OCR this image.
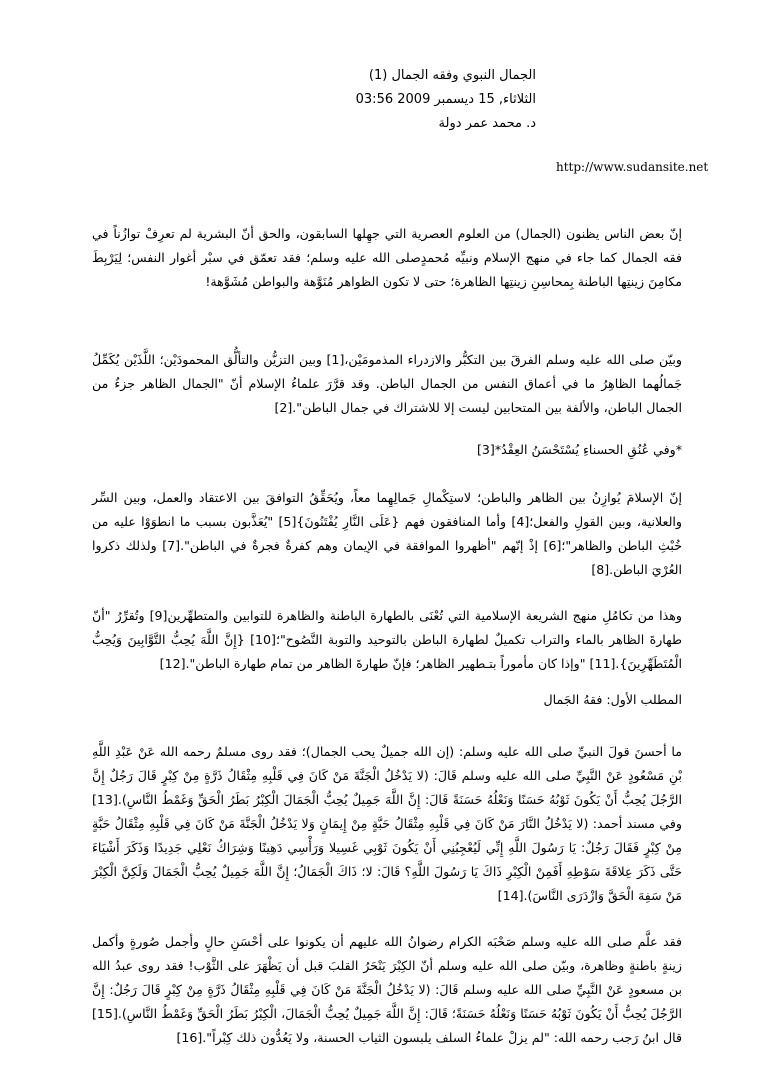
الجمال النبوي وفقه الجمال (1)
الثلاثاء, 15 ديسمبر 2009 03:56
د. محمد عمر دولة
http://www.sudansite.net
إنّ بعض الناس يظنون (الجمال) من العلوم العصرية التي جهِلها السابقون، والحق أنّ البشرية لم تعرِفْ توازُناً في فقه الجمال كما جاء في منهج الإسلام ونبيِّه مُحمدٍصلى الله عليه وسلم؛ فقد تعمّق في سبْر أغوار النفس؛ لِيَرْبِطَ مكامِنَ زينتِها الباطنة بِمحاسِنِ زينتِها الظاهرة؛ حتى لا تكون الظواهر مُنَوَّهة والبواطن مُشَوَّهة!
وبيّن صلى الله عليه وسلم الفرقَ بين التكبُّر والازدراء المذمومَيْن،[1] وبين التزيُّن والتألُّق المحمودَيْن؛ اللَّذَيْن يُكَمِّلُ جَمالُهما الظاهِرُ ما في أعماق النفس من الجمال الباطن. وقد قرَّرَ علماءُ الإسلام أنّ "الجمال الظاهر جزءٌ من الجمال الباطن، والألفة بين المتحابين ليست إلا للاشتراك في جمال الباطن".[2]
*وفي عُنُقِ الحسناءِ يُسْتَحْسَنُ العِقْدُ*[3]
إنّ الإسلامَ يُوازِنُ بين الظاهر والباطن؛ لاستِكْمالِ جَمالِهِما معاً، ويُحَقِّقُ التوافقَ بين الاعتقاد والعمل، وبين السِّر والعلانية، وبين القولِ والفعل؛[4] وأما المنافقون فهم {عَلَى النَّارِ يُفْتَنُونَ}[5] "يُعَذَّبون بسبب ما انطوَوْا عليه من خُبْثِ الباطن والظاهر"؛[6] إذْ إنّهم "أظهروا الموافقة في الإيمان وهم كفرةٌ فجرةٌ في الباطن".[7] ولذلك ذكروا العُرْيَ الباطن.[8]
وهذا من تكامُلِ منهج الشريعة الإسلامية التي تُعْنَى بالطهارة الباطنة والظاهرة للتوابين والمتطهِّرين[9] وتُقرِّرُ "أنّ طهارةَ الظاهر بالماء والتراب تكميلٌ لطهارة الباطن بالتوحيد والتوبة النَّصُوح"؛[10] {إِنَّ اللَّهَ يُحِبُّ التَّوَّابِينَ وَيُحِبُّ الْمُتَطَهِّرِينَ}.[11] "وإذا كان مأموراً بتـطهير الظاهر؛ فإنّ طهارةَ الظاهر من تمام طهارة الباطن".[12]
المطلب الأول: فقهُ الجَمال
ما أحسنَ قولَ النبيِّ صلى الله عليه وسلم: (إن الله جميلٌ يحب الجمال)؛ فقد روى مسلمٌ رحمه الله عَنْ عَبْدِ اللَّهِ بْنِ مَسْعُودٍ عَنْ النَّبِيِّ صلى الله عليه وسلم قَالَ: (لا يَدْخُلُ الْجَنَّةَ مَنْ كَانَ فِي قَلْبِهِ مِثْقَالُ ذَرَّةٍ مِنْ كِبْرٍ قَالَ رَجُلٌ إِنَّ الرَّجُلَ يُحِبُّ أَنْ يَكُونَ ثَوْبُهُ حَسَنًا وَنَعْلُهُ حَسَنَةً قَالَ: إِنَّ اللَّهَ جَمِيلٌ يُحِبُّ الْجَمَالَ الْكِبْرُ بَطَرُ الْحَقِّ وَغَمْطُ النَّاسِ).[13] وفي مسند أحمد: (لا يَدْخُلُ النَّارَ مَنْ كَانَ فِي قَلْبِهِ مِثْقَالُ حَبَّةٍ مِنْ إِيمَانٍ وَلا يَدْخُلُ الْجَنَّةَ مَنْ كَانَ فِي قَلْبِهِ مِثْقَالُ حَبَّةٍ مِنْ كِبْرٍ فَقَالَ رَجُلٌ: يَا رَسُولَ اللَّهِ إِنِّي لَيُعْجِبُنِي أَنْ يَكُونَ ثَوْبِي غَسِيلا وَرَأْسِي دَهِينًا وَشِرَاكُ نَعْلِي جَدِيدًا وَذَكَرَ أَشْيَاءَ حَتَّى ذَكَرَ عِلاقَةَ سَوْطِهِ أَفَمِنْ الْكِبْرِ ذَاكَ يَا رَسُولَ اللَّهِ؟ قَالَ: لا؛ ذَاكَ الْجَمَالُ؛ إِنَّ اللَّهَ جَمِيلٌ يُحِبُّ الْجَمَالَ وَلَكِنَّ الْكِبْرَ مَنْ سَفِهَ الْحَقَّ وَازْدَرَى النَّاسَ).[14]
فقد علَّم صلى الله عليه وسلم صَحْبَه الكرام رضوانُ الله عليهم أن يكونوا على أحْسَنِ حالٍ وأجمل صُورةٍ وأكمل زينةٍ باطنةٍ وظاهرة، وبيّن صلى الله عليه وسلم أنّ الكِبْرَ يَنْحَرُ القلبَ قبل أن يَظْهَرَ على الثَّوْب! فقد روى عبدُ الله بن مسعودٍ عَنْ النَّبِيِّ صلى الله عليه وسلم قَالَ: (لا يَدْخُلُ الْجَنَّةَ مَنْ كَانَ فِي قَلْبِهِ مِثْقَالُ ذَرَّةٍ مِنْ كِبْرٍ قَالَ رَجُلٌ: إِنَّ الرَّجُلَ يُحِبُّ أَنْ يَكُونَ ثَوْبُهُ حَسَنًا وَنَعْلُهُ حَسَنَةً؛ قَالَ: إِنَّ اللَّهَ جَمِيلٌ يُحِبُّ الْجَمَالَ، الْكِبْرُ بَطَرُ الْحَقِّ وَغَمْطُ النَّاسِ).[15] قال ابنُ رَجب رحمه الله: "لم يزلْ علماءُ السلف يلبسون الثياب الحسنة، ولا يَعُدُّون ذلك كِبْراً".[16]
